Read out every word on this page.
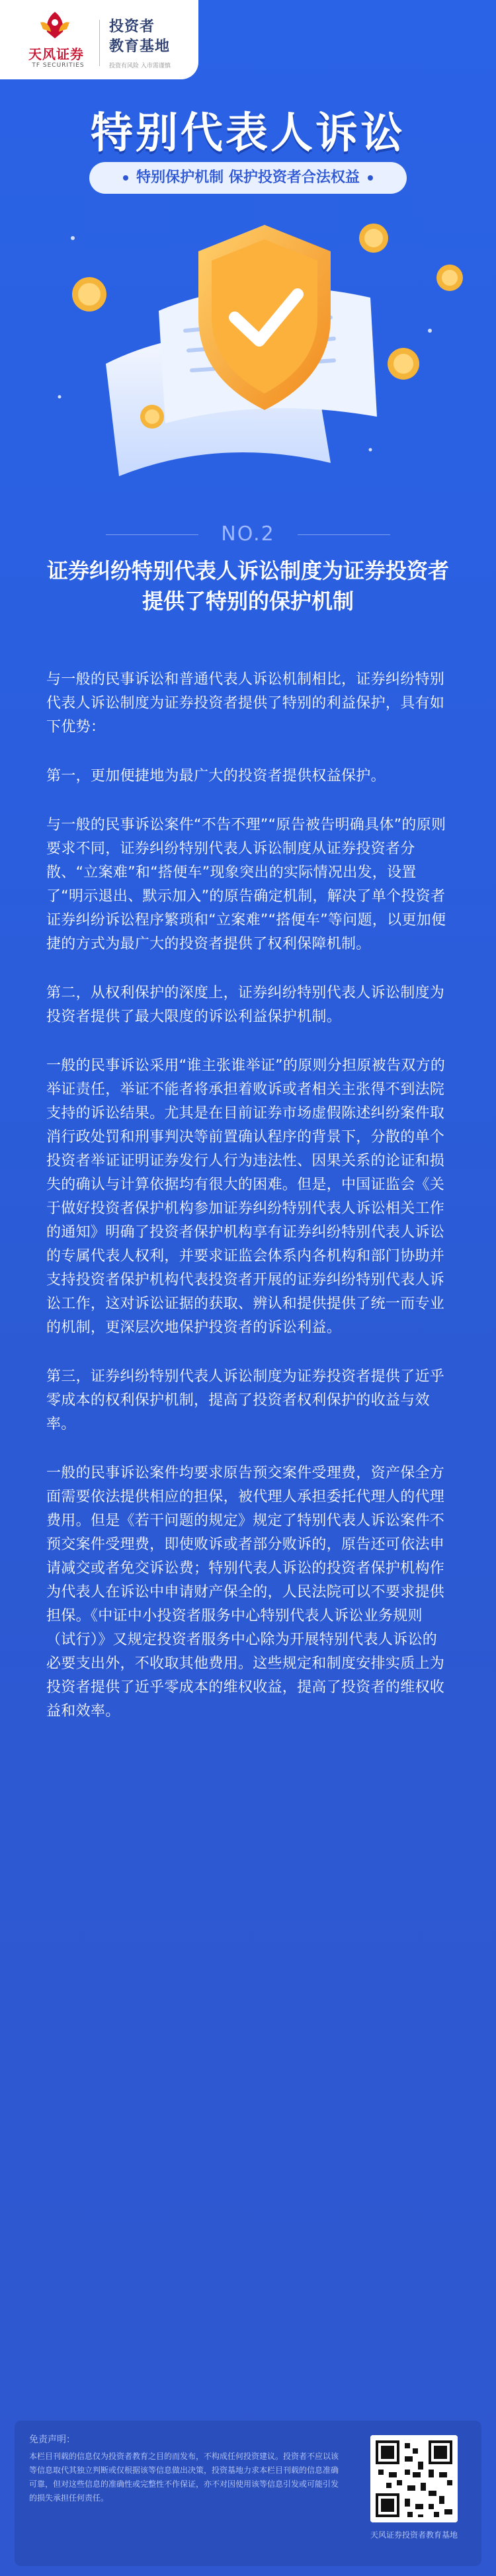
天风证券
TF SECURITIES
投资者
教育基地
投资有风险 入市需谨慎
特别代表人诉讼
特别保护机制 保护投资者合法权益
NO.2
证券纠纷特别代表人诉讼制度为证券投资者提供了特别的保护机制

与一般的民事诉讼和普通代表人诉讼机制相比，证券纠纷特别代表人诉讼制度为证券投资者提供了特别的利益保护，具有如下优势：

第一，更加便捷地为最广大的投资者提供权益保护。

与一般的民事诉讼案件“不告不理”“原告被告明确具体”的原则要求不同，证券纠纷特别代表人诉讼制度从证券投资者分散、“立案难”和“搭便车”现象突出的实际情况出发，设置了“明示退出、默示加入”的原告确定机制，解决了单个投资者证券纠纷诉讼程序繁琐和“立案难”“搭便车”等问题，以更加便捷的方式为最广大的投资者提供了权利保障机制。

第二，从权利保护的深度上，证券纠纷特别代表人诉讼制度为投资者提供了最大限度的诉讼利益保护机制。

一般的民事诉讼采用“谁主张谁举证”的原则分担原被告双方的举证责任，举证不能者将承担着败诉或者相关主张得不到法院支持的诉讼结果。尤其是在目前证券市场虚假陈述纠纷案件取消行政处罚和刑事判决等前置确认程序的背景下，分散的单个投资者举证证明证券发行人行为违法性、因果关系的论证和损失的确认与计算依据均有很大的困难。但是，中国证监会《关于做好投资者保护机构参加证券纠纷特别代表人诉讼相关工作的通知》明确了投资者保护机构享有证券纠纷特别代表人诉讼的专属代表人权利，并要求证监会体系内各机构和部门协助并支持投资者保护机构代表投资者开展的证券纠纷特别代表人诉讼工作，这对诉讼证据的获取、辨认和提供提供了统一而专业的机制，更深层次地保护投资者的诉讼利益。

第三，证券纠纷特别代表人诉讼制度为证券投资者提供了近乎零成本的权利保护机制，提高了投资者权利保护的收益与效率。

一般的民事诉讼案件均要求原告预交案件受理费，资产保全方面需要依法提供相应的担保，被代理人承担委托代理人的代理费用。但是《若干问题的规定》规定了特别代表人诉讼案件不预交案件受理费，即使败诉或者部分败诉的，原告还可依法申请减交或者免交诉讼费；特别代表人诉讼的投资者保护机构作为代表人在诉讼中申请财产保全的，人民法院可以不要求提供担保。《中证中小投资者服务中心特别代表人诉讼业务规则（试行）》又规定投资者服务中心除为开展特别代表人诉讼的必要支出外，不收取其他费用。这些规定和制度安排实质上为投资者提供了近乎零成本的维权收益，提高了投资者的维权收益和效率。

免责声明：
本栏目刊载的信息仅为投资者教育之目的而发布，不构成任何投资建议。投资者不应以该等信息取代其独立判断或仅根据该等信息做出决策，投资基地力求本栏目刊载的信息准确可靠，但对这些信息的准确性或完整性不作保证，亦不对因使用该等信息引发或可能引发的损失承担任何责任。
天风证券投资者教育基地
